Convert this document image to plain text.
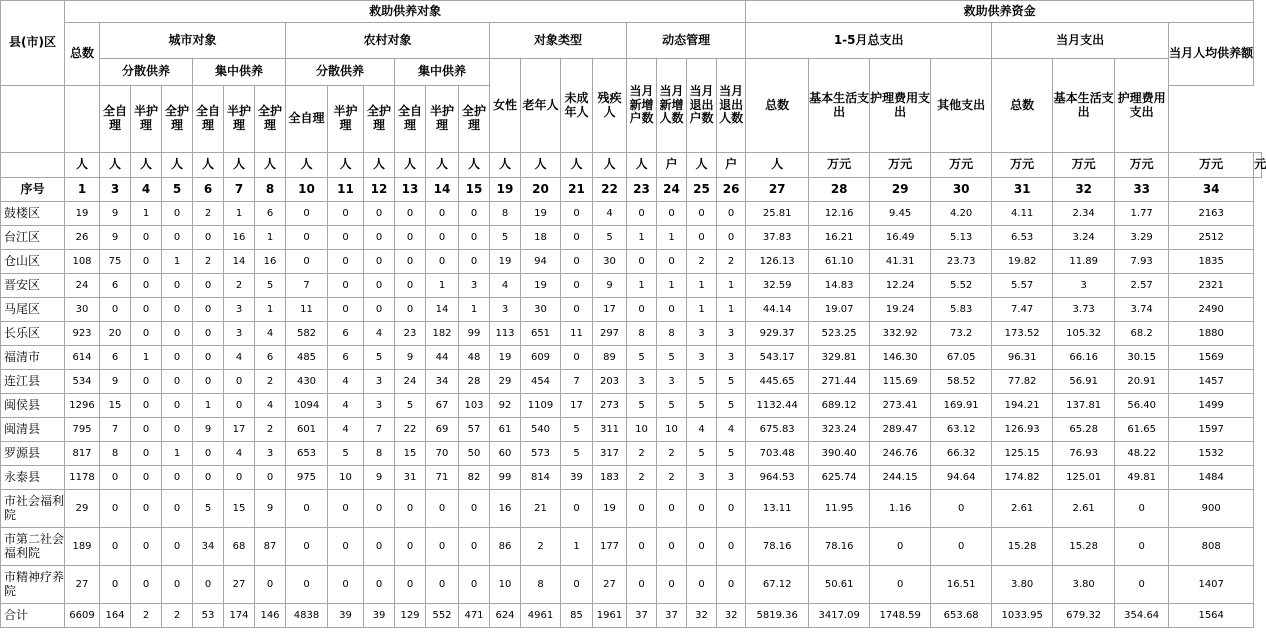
县(市)区	救助供养对象																					救助供养资金								
	总数	城市对象						农村对象						对象类型				动态管理				1-5月总支出				当月支出			当月人均供养额	
		分散供养			集中供养			分散供养			集中供养			女性	老年人	未成年人	残疾人	当月新增户数	当月新增人数	当月退出户数	当月退出人数	总数	基本生活支出	护理费用支出	其他支出	总数	基本生活支出	护理费用支出		
		全自理	半护理	全护理	全自理	半护理	全护理	全自理	半护理	全护理	全自理	半护理	全护理																	
	人	人	人	人	人	人	人	人	人	人	人	人	人	人	人	人	人	人	户	人	户	人	万元	万元	万元	万元	万元	万元	万元	元
序号	1	3	4	5	6	7	8	10	11	12	13	14	15	19	20	21	22	23	24	25	26	27	28	29	30	31	32	33	34	
鼓楼区	19	9	1	0	2	1	6	0	0	0	0	0	0	8	19	0	4	0	0	0	0	25.81	12.16	9.45	4.20	4.11	2.34	1.77	2163	
台江区	26	9	0	0	0	16	1	0	0	0	0	0	0	5	18	0	5	1	1	0	0	37.83	16.21	16.49	5.13	6.53	3.24	3.29	2512	
仓山区	108	75	0	1	2	14	16	0	0	0	0	0	0	19	94	0	30	0	0	2	2	126.13	61.10	41.31	23.73	19.82	11.89	7.93	1835	
晋安区	24	6	0	0	0	2	5	7	0	0	0	1	3	4	19	0	9	1	1	1	1	32.59	14.83	12.24	5.52	5.57	3	2.57	2321	
马尾区	30	0	0	0	0	3	1	11	0	0	0	14	1	3	30	0	17	0	0	1	1	44.14	19.07	19.24	5.83	7.47	3.73	3.74	2490	
长乐区	923	20	0	0	0	3	4	582	6	4	23	182	99	113	651	11	297	8	8	3	3	929.37	523.25	332.92	73.2	173.52	105.32	68.2	1880	
福清市	614	6	1	0	0	4	6	485	6	5	9	44	48	19	609	0	89	5	5	3	3	543.17	329.81	146.30	67.05	96.31	66.16	30.15	1569	
连江县	534	9	0	0	0	0	2	430	4	3	24	34	28	29	454	7	203	3	3	5	5	445.65	271.44	115.69	58.52	77.82	56.91	20.91	1457	
闽侯县	1296	15	0	0	1	0	4	1094	4	3	5	67	103	92	1109	17	273	5	5	5	5	1132.44	689.12	273.41	169.91	194.21	137.81	56.40	1499	
闽清县	795	7	0	0	9	17	2	601	4	7	22	69	57	61	540	5	311	10	10	4	4	675.83	323.24	289.47	63.12	126.93	65.28	61.65	1597	
罗源县	817	8	0	1	0	4	3	653	5	8	15	70	50	60	573	5	317	2	2	5	5	703.48	390.40	246.76	66.32	125.15	76.93	48.22	1532	
永泰县	1178	0	0	0	0	0	0	975	10	9	31	71	82	99	814	39	183	2	2	3	3	964.53	625.74	244.15	94.64	174.82	125.01	49.81	1484	
市社会福利院	29	0	0	0	5	15	9	0	0	0	0	0	0	16	21	0	19	0	0	0	0	13.11	11.95	1.16	0	2.61	2.61	0	900	
市第二社会福利院	189	0	0	0	34	68	87	0	0	0	0	0	0	86	2	1	177	0	0	0	0	78.16	78.16	0	0	15.28	15.28	0	808	
市精神疗养院	27	0	0	0	0	27	0	0	0	0	0	0	0	10	8	0	27	0	0	0	0	67.12	50.61	0	16.51	3.80	3.80	0	1407	
合计	6609	164	2	2	53	174	146	4838	39	39	129	552	471	624	4961	85	1961	37	37	32	32	5819.36	3417.09	1748.59	653.68	1033.95	679.32	354.64	1564	
